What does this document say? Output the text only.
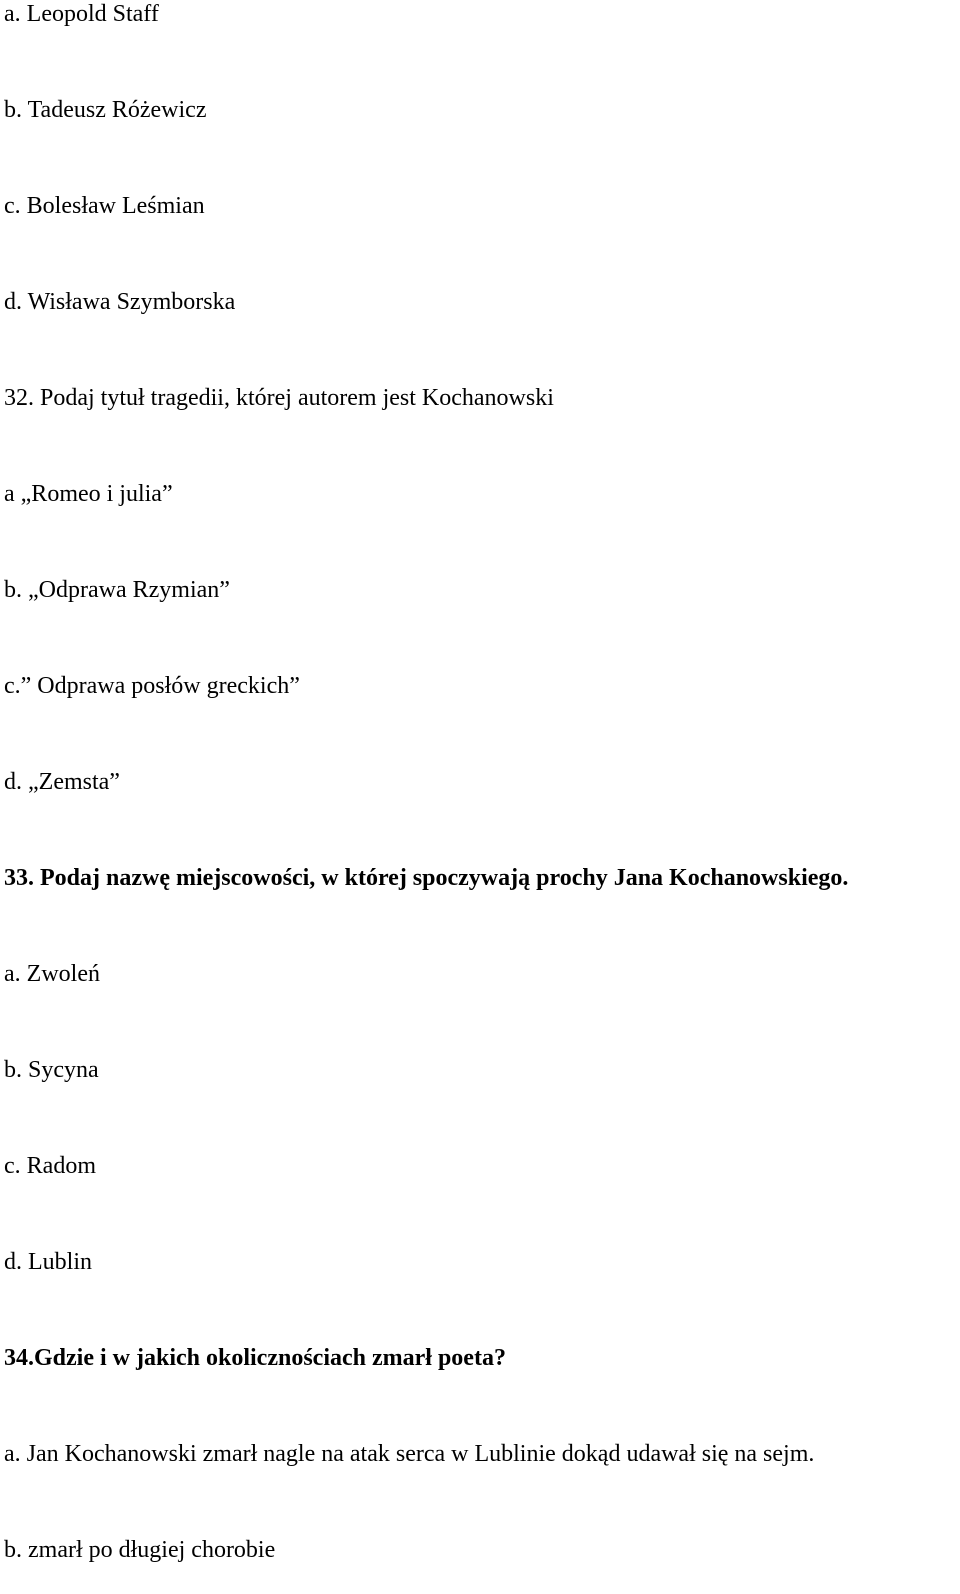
a. Leopold Staff

b. Tadeusz Różewicz

c. Bolesław Leśmian

d. Wisława Szymborska

32. Podaj tytuł tragedii, której autorem jest Kochanowski

a „Romeo i julia”

b. „Odprawa Rzymian”

c.” Odprawa posłów greckich”

d. „Zemsta”

33. Podaj nazwę miejscowości, w której spoczywają prochy Jana Kochanowskiego.

a. Zwoleń

b. Sycyna

c. Radom

d. Lublin

34.Gdzie i w jakich okolicznościach zmarł poeta?

a. Jan Kochanowski zmarł nagle na atak serca w Lublinie dokąd udawał się na sejm.

b. zmarł po długiej chorobie
